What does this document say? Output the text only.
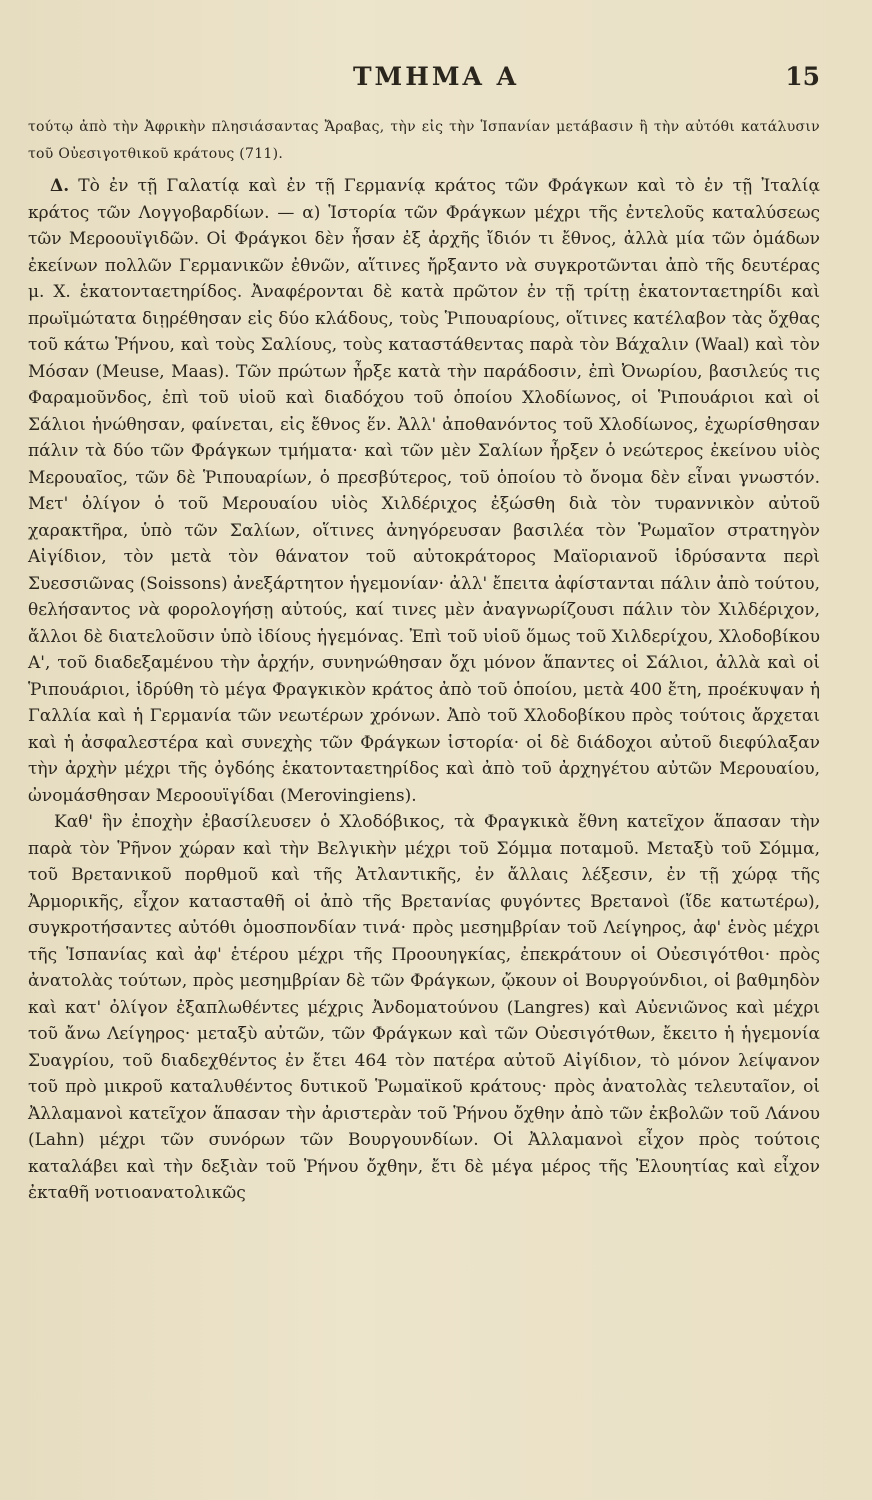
ΤΜΗΜΑ Α	15

τούτῳ ἀπὸ τὴν Ἀφρικὴν πλησιάσαντας Ἄραβας, τὴν εἰς τὴν Ἱσπανίαν μετάβασιν ἢ τὴν αὐτόθι κατάλυσιν τοῦ Οὐεσιγοτθικοῦ κράτους (711).

Δ. Τὸ ἐν τῇ Γαλατίᾳ καὶ ἐν τῇ Γερμανίᾳ κράτος τῶν Φράγκων καὶ τὸ ἐν τῇ Ἰταλίᾳ κράτος τῶν Λογγοβαρδίων. — α) Ἱστορία τῶν Φράγκων μέχρι τῆς ἐντελοῦς καταλύσεως τῶν Μεροουϊγιδῶν. Οἱ Φράγκοι δὲν ἦσαν ἐξ ἀρχῆς ἴδιόν τι ἔθνος, ἀλλὰ μία τῶν ὁμάδων ἐκείνων πολλῶν Γερμανικῶν ἐθνῶν, αἵτινες ἤρξαντο νὰ συγκροτῶνται ἀπὸ τῆς δευτέρας μ. Χ. ἑκατονταετηρίδος. Ἀναφέρονται δὲ κατὰ πρῶτον ἐν τῇ τρίτῃ ἑκατονταετηρίδι καὶ πρωϊμώτατα διῃρέθησαν εἰς δύο κλάδους, τοὺς Ῥιπουαρίους, οἵτινες κατέλαβον τὰς ὄχθας τοῦ κάτω Ῥήνου, καὶ τοὺς Σαλίους, τοὺς καταστάθεντας παρὰ τὸν Βάχαλιν (Waal) καὶ τὸν Μόσαν (Meuse, Maas). Τῶν πρώτων ἦρξε κατὰ τὴν παράδοσιν, ἐπὶ Ὀνωρίου, βασιλεύς τις Φαραμοῦνδος, ἐπὶ τοῦ υἱοῦ καὶ διαδόχου τοῦ ὁποίου Χλοδίωνος, οἱ Ῥιπουάριοι καὶ οἱ Σάλιοι ἡνώθησαν, φαίνεται, εἰς ἔθνος ἕν. Ἀλλ' ἀποθανόντος τοῦ Χλοδίωνος, ἐχωρίσθησαν πάλιν τὰ δύο τῶν Φράγκων τμήματα· καὶ τῶν μὲν Σαλίων ἦρξεν ὁ νεώτερος ἐκείνου υἱὸς Μερουαῖος, τῶν δὲ Ῥιπουαρίων, ὁ πρεσβύτερος, τοῦ ὁποίου τὸ ὄνομα δὲν εἶναι γνωστόν. Μετ' ὀλίγον ὁ τοῦ Μερουαίου υἱὸς Χιλδέριχος ἐξώσθη διὰ τὸν τυραννικὸν αὐτοῦ χαρακτῆρα, ὑπὸ τῶν Σαλίων, οἵτινες ἀνηγόρευσαν βασιλέα τὸν Ῥωμαῖον στρατηγὸν Αἰγίδιον, τὸν μετὰ τὸν θάνατον τοῦ αὐτοκράτορος Μαϊοριανοῦ ἱδρύσαντα περὶ Συεσσιῶνας (Soissons) ἀνεξάρτητον ἡγεμονίαν· ἀλλ' ἔπειτα ἀφίστανται πάλιν ἀπὸ τούτου, θελήσαντος νὰ φορολογήσῃ αὐτούς, καί τινες μὲν ἀναγνωρίζουσι πάλιν τὸν Χιλδέριχον, ἄλλοι δὲ διατελοῦσιν ὑπὸ ἰδίους ἡγεμόνας. Ἐπὶ τοῦ υἱοῦ ὅμως τοῦ Χιλδερίχου, Χλοδοβίκου Α', τοῦ διαδεξαμένου τὴν ἀρχήν, συνηνώθησαν ὄχι μόνον ἅπαντες οἱ Σάλιοι, ἀλλὰ καὶ οἱ Ῥιπουάριοι, ἱδρύθη τὸ μέγα Φραγκικὸν κράτος ἀπὸ τοῦ ὁποίου, μετὰ 400 ἔτη, προέκυψαν ἡ Γαλλία καὶ ἡ Γερμανία τῶν νεωτέρων χρόνων. Ἀπὸ τοῦ Χλοδοβίκου πρὸς τούτοις ἄρχεται καὶ ἡ ἀσφαλεστέρα καὶ συνεχὴς τῶν Φράγκων ἱστορία· οἱ δὲ διάδοχοι αὐτοῦ διεφύλαξαν τὴν ἀρχὴν μέχρι τῆς ὀγδόης ἑκατονταετηρίδος καὶ ἀπὸ τοῦ ἀρχηγέτου αὐτῶν Μερουαίου, ὠνομάσθησαν Μεροουϊγίδαι (Merovingiens).

Καθ' ἣν ἐποχὴν ἐβασίλευσεν ὁ Χλοδόβικος, τὰ Φραγκικὰ ἔθνη κατεῖχον ἅπασαν τὴν παρὰ τὸν Ῥῆνον χώραν καὶ τὴν Βελγικὴν μέχρι τοῦ Σόμμα ποταμοῦ. Μεταξὺ τοῦ Σόμμα, τοῦ Βρετανικοῦ πορθμοῦ καὶ τῆς Ἀτλαντικῆς, ἐν ἄλλαις λέξεσιν, ἐν τῇ χώρᾳ τῆς Ἀρμορικῆς, εἶχον κατασταθῆ οἱ ἀπὸ τῆς Βρετανίας φυγόντες Βρετανοὶ (ἴδε κατωτέρω), συγκροτήσαντες αὐτόθι ὁμοσπονδίαν τινά· πρὸς μεσημβρίαν τοῦ Λείγηρος, ἀφ' ἑνὸς μέχρι τῆς Ἱσπανίας καὶ ἀφ' ἑτέρου μέχρι τῆς Προουηγκίας, ἐπεκράτουν οἱ Οὐεσιγότθοι· πρὸς ἀνατολὰς τούτων, πρὸς μεσημβρίαν δὲ τῶν Φράγκων, ᾤκουν οἱ Βουργούνδιοι, οἱ βαθμηδὸν καὶ κατ' ὀλίγον ἐξαπλωθέντες μέχρις Ἀνδοματούνου (Langres) καὶ Αὐενιῶνος καὶ μέχρι τοῦ ἄνω Λείγηρος· μεταξὺ αὐτῶν, τῶν Φράγκων καὶ τῶν Οὐεσιγότθων, ἔκειτο ἡ ἡγεμονία Συαγρίου, τοῦ διαδεχθέντος ἐν ἔτει 464 τὸν πατέρα αὐτοῦ Αἰγίδιον, τὸ μόνον λείψανον τοῦ πρὸ μικροῦ καταλυθέντος δυτικοῦ Ῥωμαϊκοῦ κράτους· πρὸς ἀνατολὰς τελευταῖον, οἱ Ἀλλαμανοὶ κατεῖχον ἅπασαν τὴν ἀριστερὰν τοῦ Ῥήνου ὄχθην ἀπὸ τῶν ἐκβολῶν τοῦ Λάνου (Lahn) μέχρι τῶν συνόρων τῶν Βουργουνδίων. Οἱ Ἀλλαμανοὶ εἶχον πρὸς τούτοις καταλάβει καὶ τὴν δεξιὰν τοῦ Ῥήνου ὄχθην, ἔτι δὲ μέγα μέρος τῆς Ἐλουητίας καὶ εἶχον ἐκταθῆ νοτιοανατολικῶς
